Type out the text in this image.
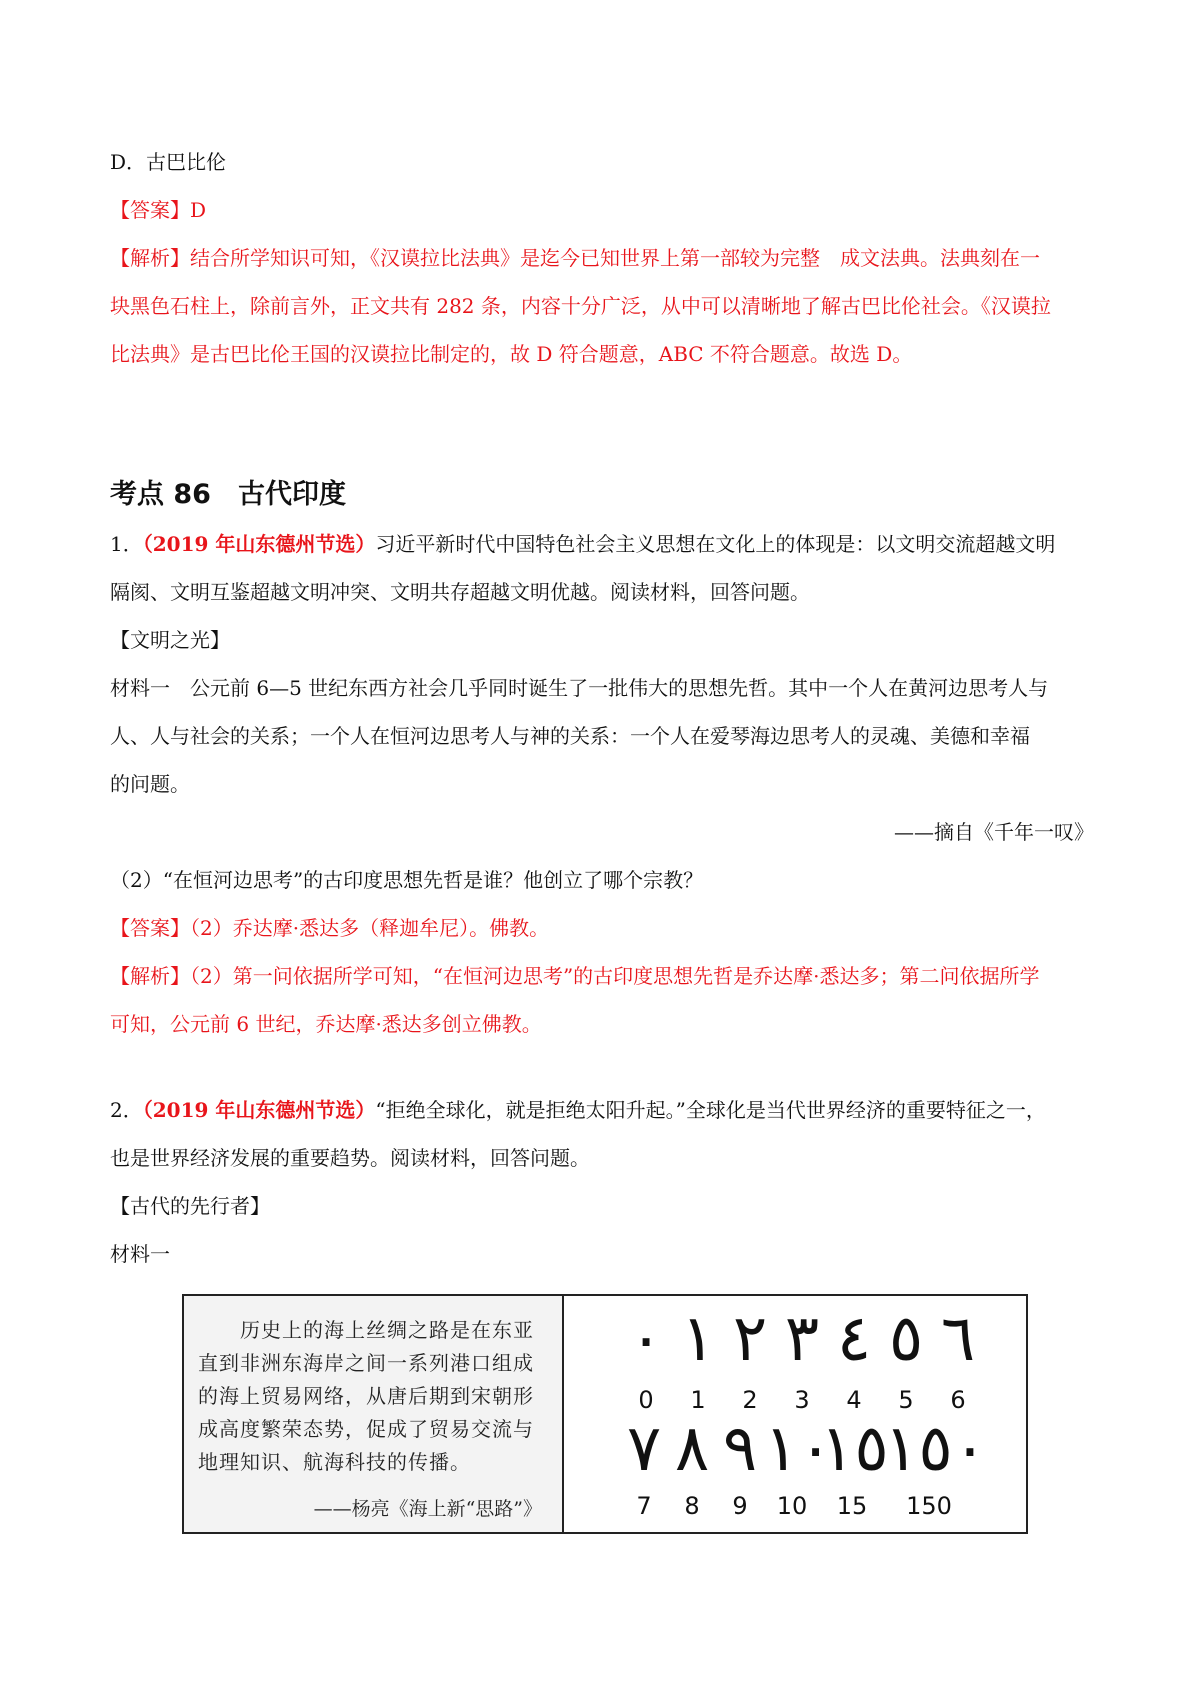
D．古巴比伦

【答案】D

【解析】结合所学知识可知，《汉谟拉比法典》是迄今已知世界上第一部较为完整　成文法典。法典刻在一

块黑色石柱上，除前言外，正文共有 282 条，内容十分广泛，从中可以清晰地了解古巴比伦社会。《汉谟拉

比法典》是古巴比伦王国的汉谟拉比制定的，故 D 符合题意，ABC 不符合题意。故选 D。

考点 86　古代印度

1．（2019 年山东德州节选）习近平新时代中国特色社会主义思想在文化上的体现是：以文明交流超越文明

隔阂、文明互鉴超越文明冲突、文明共存超越文明优越。阅读材料，回答问题。

【文明之光】

材料一　公元前 6—5 世纪东西方社会几乎同时诞生了一批伟大的思想先哲。其中一个人在黄河边思考人与

人、人与社会的关系；一个人在恒河边思考人与神的关系：一个人在爱琴海边思考人的灵魂、美德和幸福

的问题。

——摘自《千年一叹》

（2）“在恒河边思考”的古印度思想先哲是谁？他创立了哪个宗教？

【答案】（2）乔达摩·悉达多（释迦牟尼）。佛教。

【解析】（2）第一问依据所学可知，“在恒河边思考”的古印度思想先哲是乔达摩·悉达多；第二问依据所学

可知，公元前 6 世纪，乔达摩·悉达多创立佛教。

2．（2019 年山东德州节选）“拒绝全球化，就是拒绝太阳升起。”全球化是当代世界经济的重要特征之一，

也是世界经济发展的重要趋势。阅读材料，回答问题。

【古代的先行者】

材料一

　　历史上的海上丝绸之路是在东亚
直到非洲东海岸之间一系列港口组成
的海上贸易网络，从唐后期到宋朝形
成高度繁荣态势，促成了贸易交流与
地理知识、航海科技的传播。
——杨亮《海上新“思路”》
٠ ١ ٢ ٣ ٤ ٥ ٦
0	1	2	3	4	5	6
٧ ٨ ٩ ١٠
١٥
١٥٠
7	8	9	10	15	150
